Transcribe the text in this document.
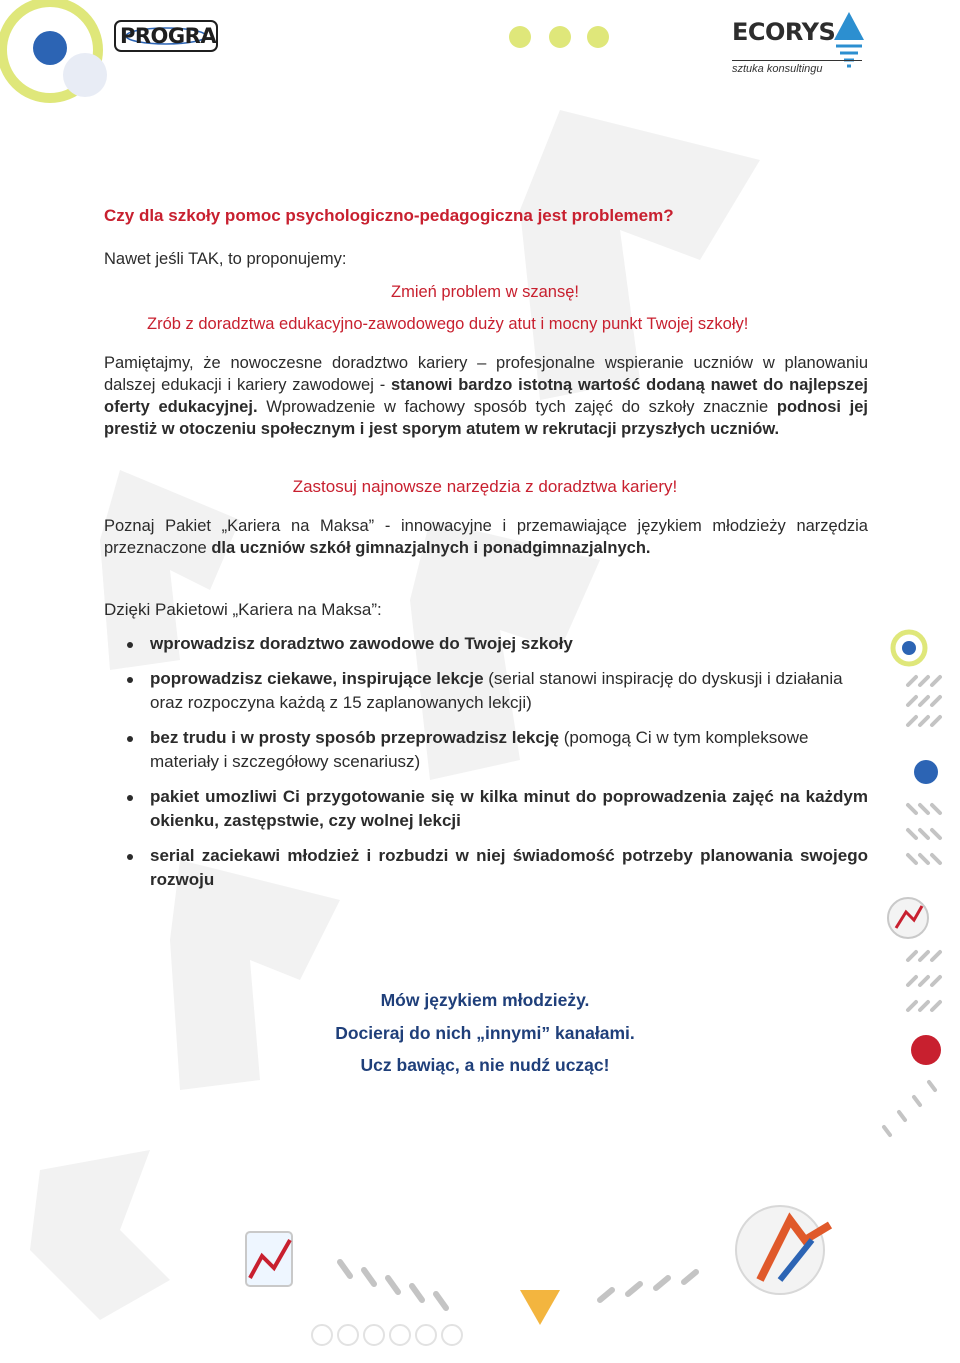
PROGRA	ECORYS
sztuka konsultingu

Czy dla szkoły pomoc psychologiczno-pedagogiczna jest problemem?

Nawet jeśli TAK, to proponujemy:

Zmień problem w szansę!

Zrób z doradztwa edukacyjno-zawodowego duży atut i mocny punkt Twojej szkoły!

Pamiętajmy, że nowoczesne doradztwo kariery – profesjonalne wspieranie uczniów w planowaniu dalszej edukacji i kariery zawodowej - stanowi bardzo istotną wartość dodaną nawet do najlepszej oferty edukacyjnej. Wprowadzenie w fachowy sposób tych zajęć do szkoły znacznie podnosi jej prestiż w otoczeniu społecznym i jest sporym atutem w rekrutacji przyszłych uczniów.

Zastosuj najnowsze narzędzia z doradztwa kariery!

Poznaj Pakiet „Kariera na Maksa” - innowacyjne i przemawiające językiem młodzieży narzędzia przeznaczone dla uczniów szkół gimnazjalnych i ponadgimnazjalnych.

Dzięki Pakietowi „Kariera na Maksa”:

wprowadzisz doradztwo zawodowe do Twojej szkoły
poprowadzisz ciekawe, inspirujące lekcje (serial stanowi inspirację do dyskusji i działania oraz rozpoczyna każdą z 15 zaplanowanych lekcji)
bez trudu i w prosty sposób przeprowadzisz lekcję (pomogą Ci w tym kompleksowe materiały i szczegółowy scenariusz)
pakiet umozliwi Ci przygotowanie się w kilka minut do poprowadzenia zajęć na każdym okienku, zastępstwie, czy wolnej lekcji
serial zaciekawi młodzież i rozbudzi w niej świadomość potrzeby planowania swojego rozwoju
Mów językiem młodzieży.
Docieraj do nich „innymi” kanałami.
Ucz bawiąc, a nie nudź ucząc!
